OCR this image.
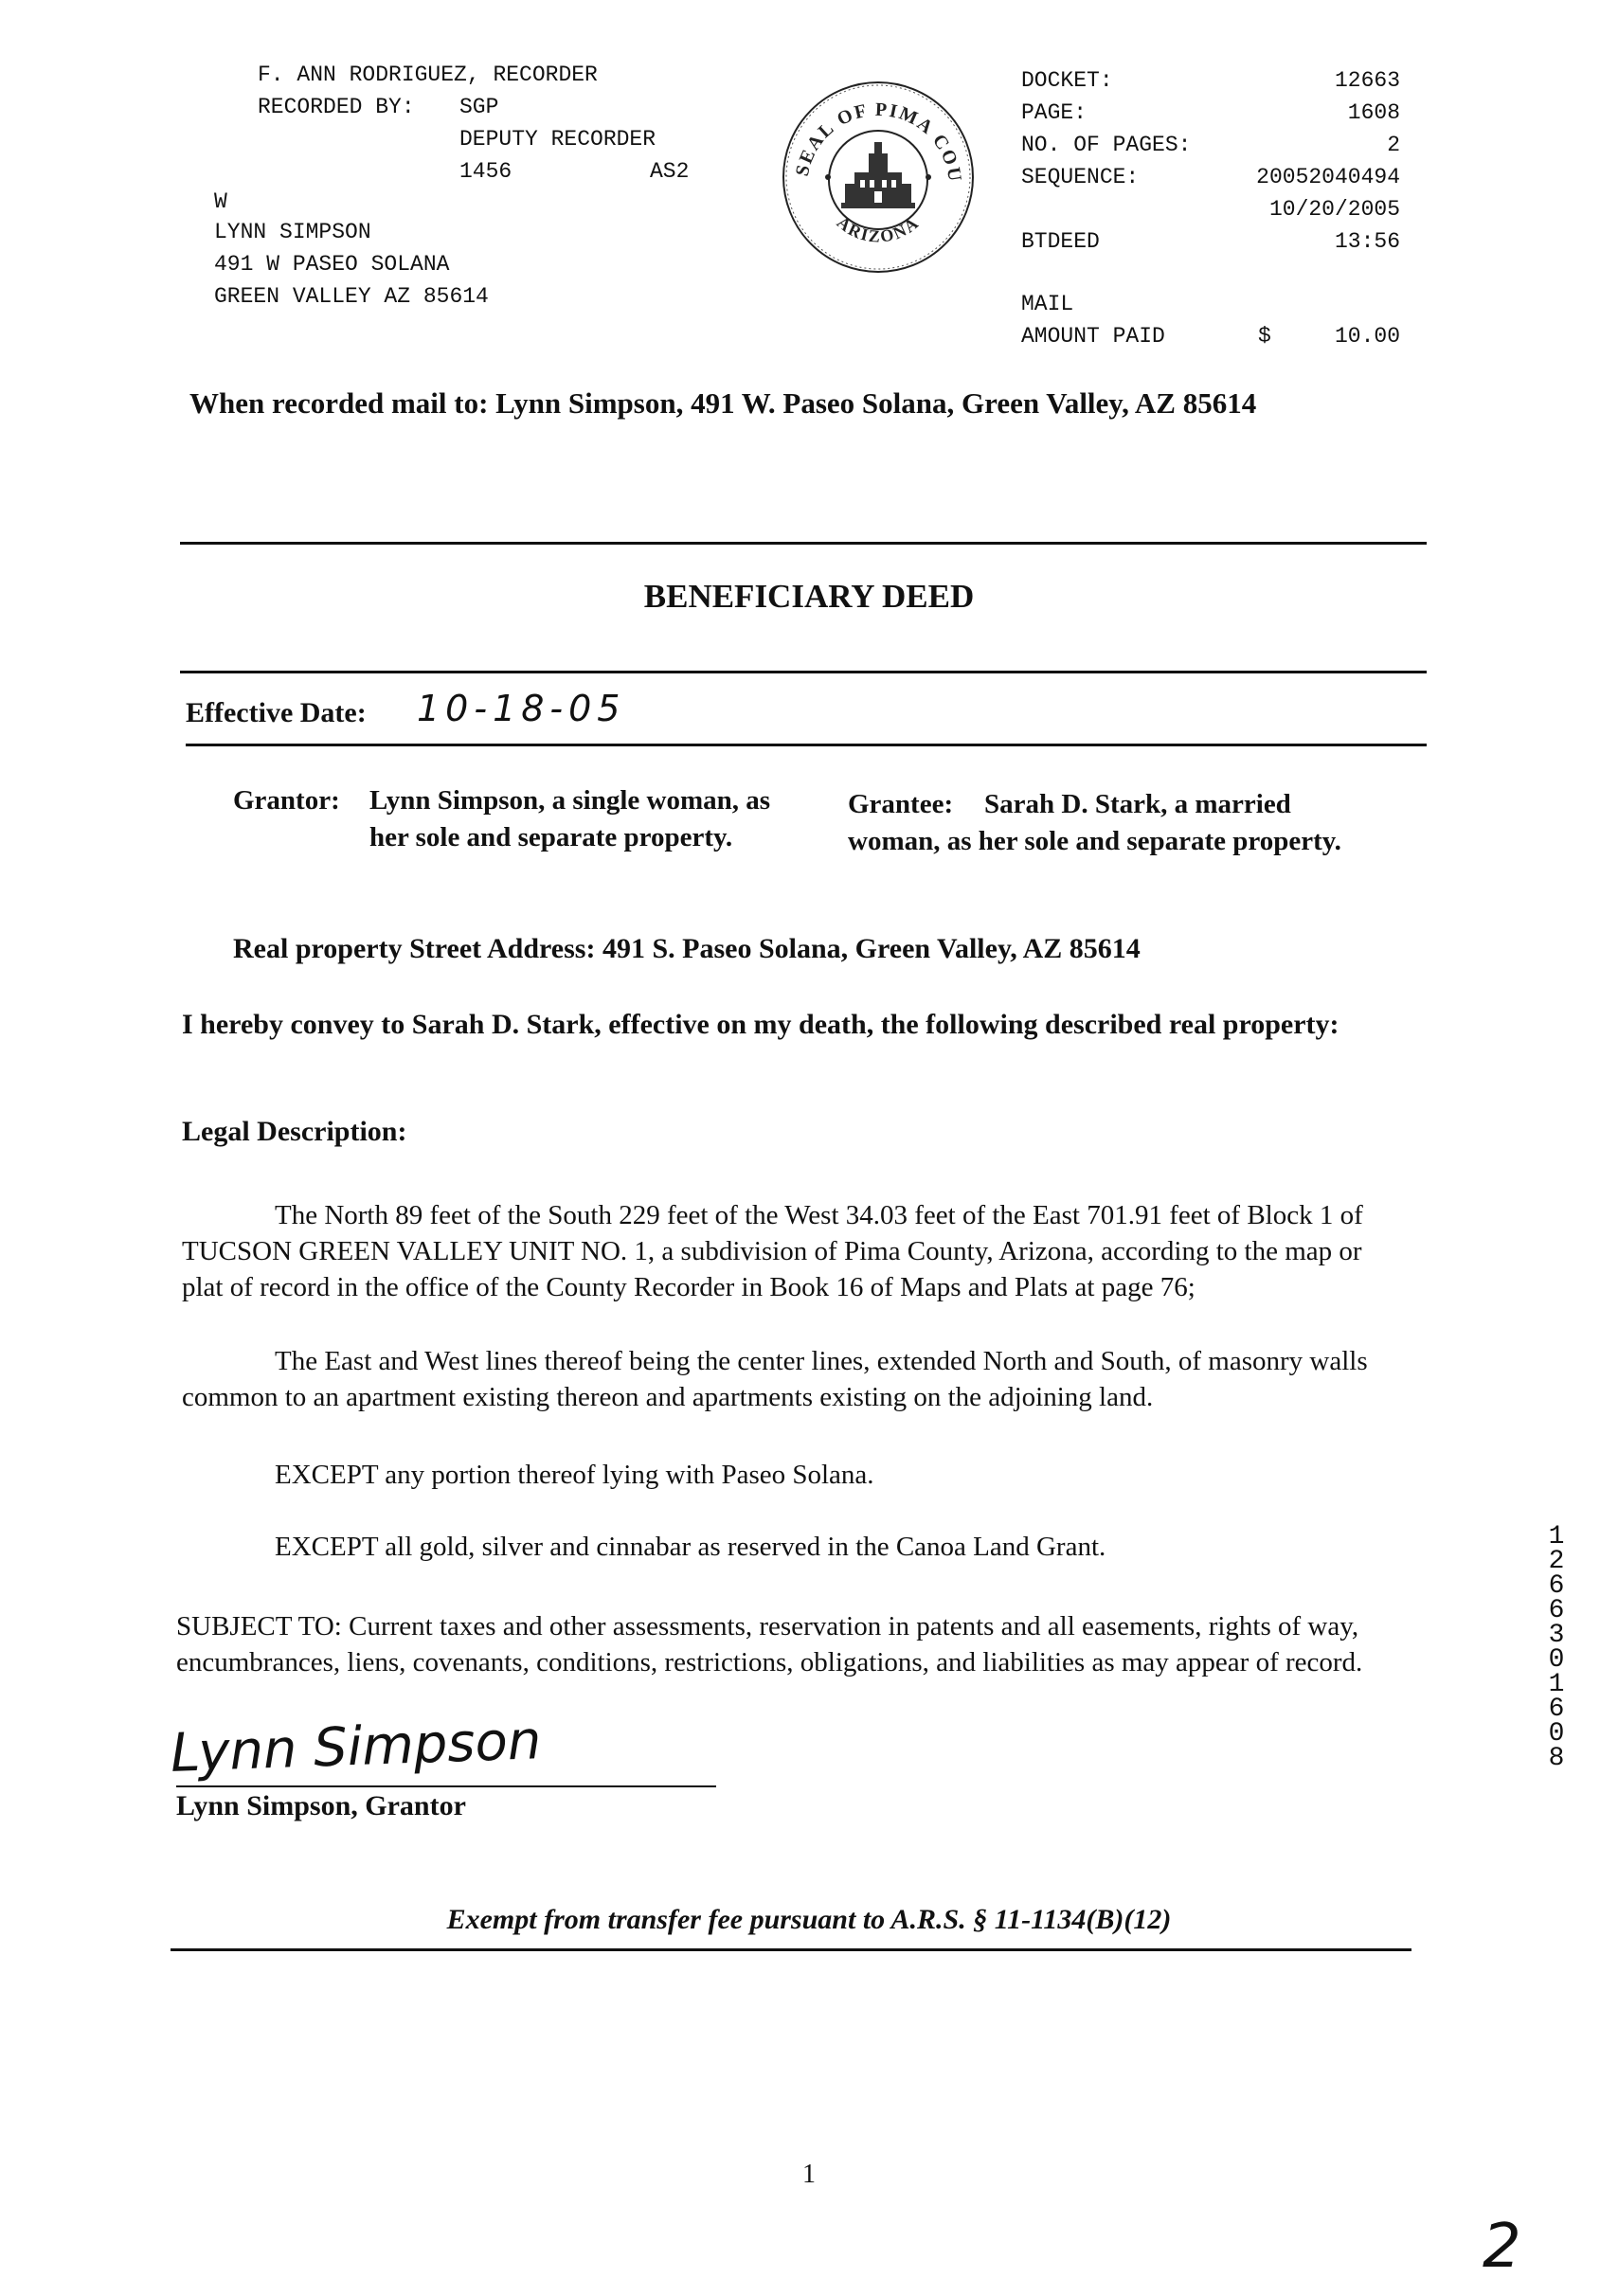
F. ANN RODRIGUEZ, RECORDER
RECORDED BY: SGP
DEPUTY RECORDER
1456	AS2
W
LYNN SIMPSON
491 W PASEO SOLANA
GREEN VALLEY AZ 85614
SEAL OF PIMA COU
ARIZONA
DOCKET:	12663
PAGE:	1608
NO. OF PAGES:	2
SEQUENCE:	20052040494
10/20/2005
BTDEED	13:56
MAIL
AMOUNT PAID	$	10.00
When recorded mail to: Lynn Simpson, 491 W. Paseo Solana, Green Valley, AZ 85614
BENEFICIARY DEED
Effective Date: 10-18-05
Grantor: Lynn Simpson, a single woman, as her sole and separate property.
Grantee:	Sarah D. Stark, a married woman, as her sole and separate property.
Real property Street Address: 491 S. Paseo Solana, Green Valley, AZ 85614
I hereby convey to Sarah D. Stark, effective on my death, the following described real property:
Legal Description:
The North 89 feet of the South 229 feet of the West 34.03 feet of the East 701.91 feet of Block 1 of TUCSON GREEN VALLEY UNIT NO. 1, a subdivision of Pima County, Arizona, according to the map or plat of record in the office of the County Recorder in Book 16 of Maps and Plats at page 76;
The East and West lines thereof being the center lines, extended North and South, of masonry walls common to an apartment existing thereon and apartments existing on the adjoining land.
EXCEPT any portion thereof lying with Paseo Solana.
EXCEPT all gold, silver and cinnabar as reserved in the Canoa Land Grant.
SUBJECT TO: Current taxes and other assessments, reservation in patents and all easements, rights of way, encumbrances, liens, covenants, conditions, restrictions, obligations, and liabilities as may appear of record.
Lynn Simpson
Lynn Simpson, Grantor
Exempt from transfer fee pursuant to A.R.S. § 11-1134(B)(12)
12663 01608
1
2
